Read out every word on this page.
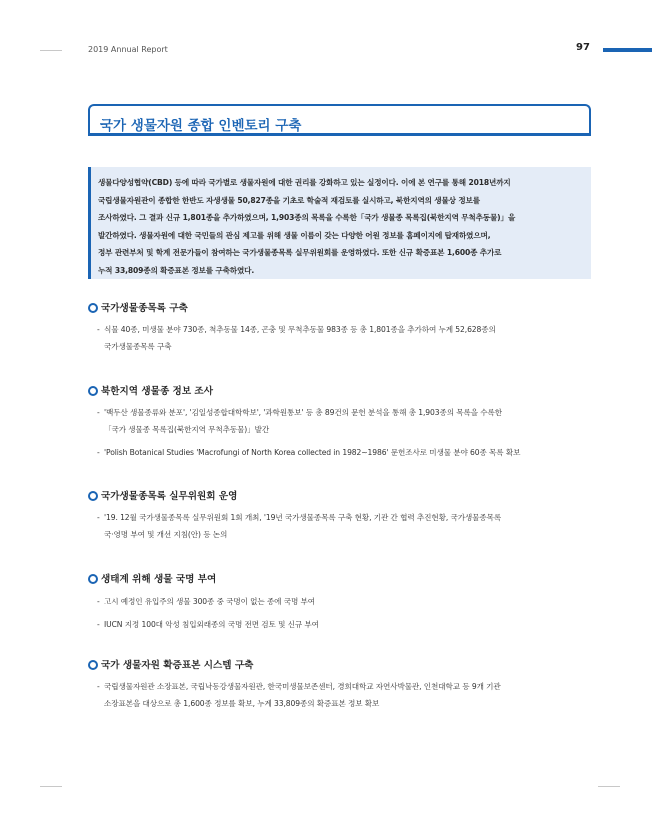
2019 Annual Report	97
국가 생물자원 종합 인벤토리 구축
생물다양성협약(CBD) 등에 따라 국가별로 생물자원에 대한 권리를 강화하고 있는 실정이다. 이에 본 연구를 통해 2018년까지
국립생물자원관이 종합한 한반도 자생생물 50,827종을 기초로 학술적 재검토를 실시하고, 북한지역의 생물상 정보를
조사하였다. 그 결과 신규 1,801종을 추가하였으며, 1,903종의 목록을 수록한「국가 생물종 목록집(북한지역 무척추동물)」을
발간하였다. 생물자원에 대한 국민들의 관심 제고를 위해 생물 이름이 갖는 다양한 어원 정보를 홈페이지에 탑재하였으며,
정부 관련부처 및 학계 전문가들이 참여하는 국가생물종목록 실무위원회를 운영하였다. 또한 신규 확증표본 1,600종 추가로
누적 33,809종의 확증표본 정보를 구축하였다.
국가생물종목록 구축
- 식물 40종, 미생물 분야 730종, 척추동물 14종, 곤충 및 무척추동물 983종 등 총 1,801종을 추가하여 누계 52,628종의
국가생물종목록 구축
북한지역 생물종 정보 조사
- '백두산 생물종류와 분포', '김일성종합대학학보', '과학원통보' 등 총 89건의 문헌 분석을 통해 총 1,903종의 목록을 수록한
「국가 생물종 목록집(북한지역 무척추동물)」발간
- 'Polish Botanical Studies 'Macrofungi of North Korea collected in 1982~1986' 문헌조사로 미생물 분야 60종 목록 확보
국가생물종목록 실무위원회 운영
- '19. 12월 국가생물종목록 실무위원회 1회 개최, '19년 국가생물종목록 구축 현황, 기관 간 협력 추진현황, 국가생물종목록
국·영명 부여 및 개선 지침(안) 등 논의
생태계 위해 생물 국명 부여
- 고시 예정인 유입주의 생물 300종 중 국명이 없는 종에 국명 부여
- IUCN 지정 100대 악성 침입외래종의 국명 전면 검토 및 신규 부여
국가 생물자원 확증표본 시스템 구축
- 국립생물자원관 소장표본, 국립낙동강생물자원관, 한국미생물보존센터, 경희대학교 자연사박물관, 인천대학교 등 9개 기관
소장표본을 대상으로 총 1,600종 정보를 확보, 누계 33,809종의 확증표본 정보 확보
